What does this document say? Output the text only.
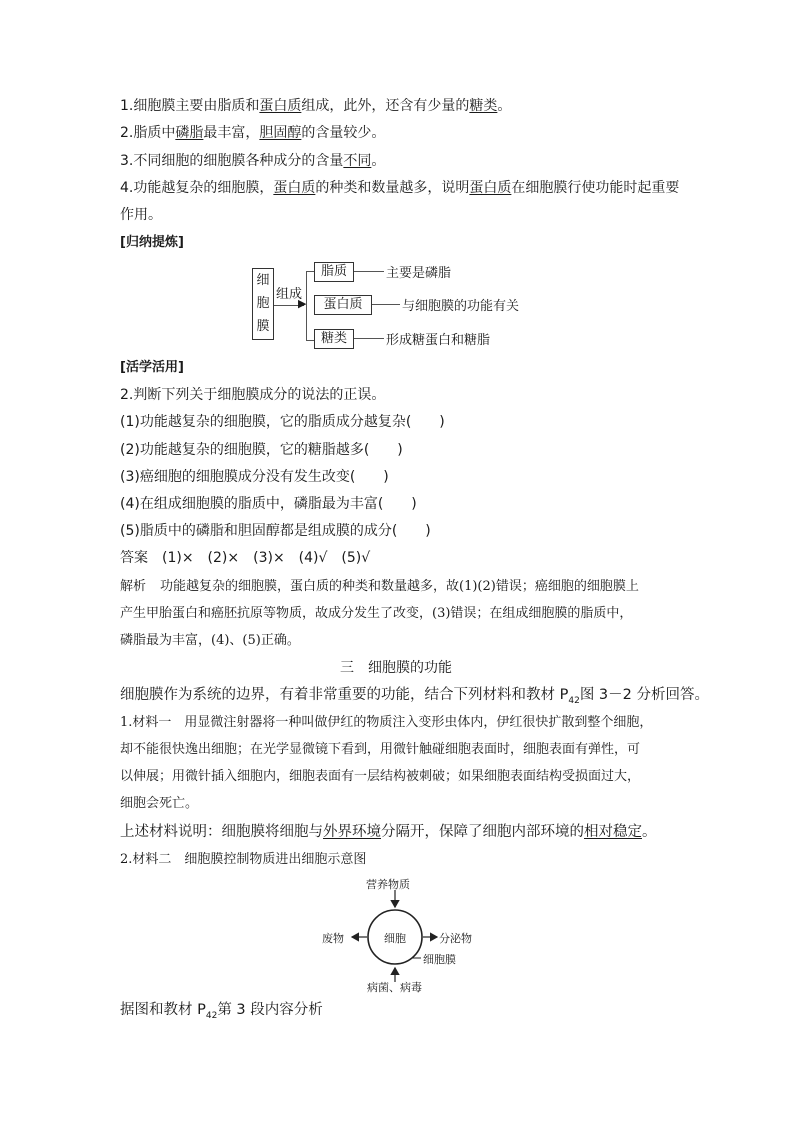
1.细胞膜主要由脂质和蛋白质组成，此外，还含有少量的糖类。
2.脂质中磷脂最丰富，胆固醇的含量较少。
3.不同细胞的细胞膜各种成分的含量不同。
4.功能越复杂的细胞膜，蛋白质的种类和数量越多，说明蛋白质在细胞膜行使功能时起重要
作用。
[归纳提炼]
细
胞
膜
组成
▶
脂质	主要是磷脂
蛋白质	与细胞膜的功能有关
糖类	形成糖蛋白和糖脂
[活学活用]
2.判断下列关于细胞膜成分的说法的正误。
(1)功能越复杂的细胞膜，它的脂质成分越复杂(　　)
(2)功能越复杂的细胞膜，它的糖脂越多(　　)
(3)癌细胞的细胞膜成分没有发生改变(　　)
(4)在组成细胞膜的脂质中，磷脂最为丰富(　　)
(5)脂质中的磷脂和胆固醇都是组成膜的成分(　　)
答案 (1)×　(2)×　(3)×　(4)√　(5)√
解析 功能越复杂的细胞膜，蛋白质的种类和数量越多，故(1)(2)错误；癌细胞的细胞膜上
产生甲胎蛋白和癌胚抗原等物质，故成分发生了改变，(3)错误；在组成细胞膜的脂质中，
磷脂最为丰富，(4)、(5)正确。
三　细胞膜的功能
细胞膜作为系统的边界，有着非常重要的功能，结合下列材料和教材 $P_{42}$图 3－2 分析回答。
1.材料一　用显微注射器将一种叫做伊红的物质注入变形虫体内，伊红很快扩散到整个细胞，
却不能很快逸出细胞；在光学显微镜下看到，用微针触碰细胞表面时，细胞表面有弹性，可
以伸展；用微针插入细胞内，细胞表面有一层结构被刺破；如果细胞表面结构受损面过大，
细胞会死亡。
上述材料说明：细胞膜将细胞与外界环境分隔开，保障了细胞内部环境的相对稳定。
2.材料二　细胞膜控制物质进出细胞示意图
营养物质
细胞
废物	分泌物
细胞膜
病菌、病毒
据图和教材 $P_{42}$第 3 段内容分析
